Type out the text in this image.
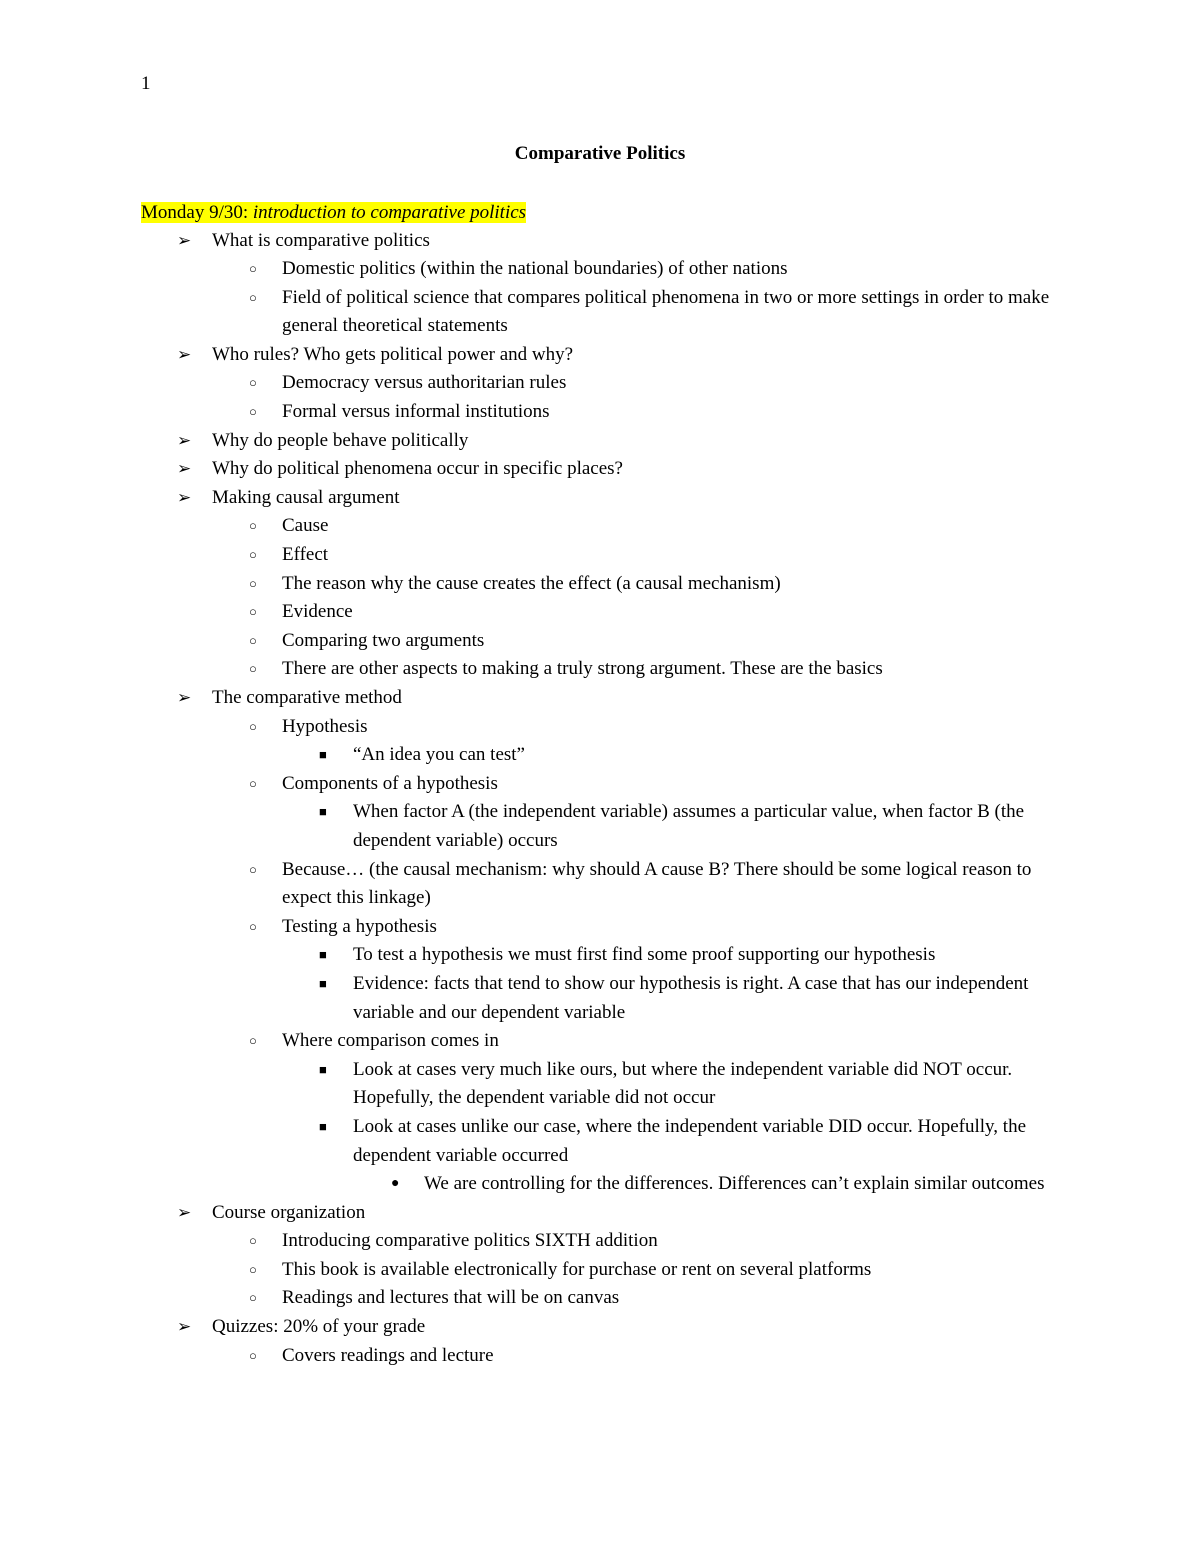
1
Comparative Politics
Monday 9/30: introduction to comparative politics
➢ What is comparative politics
○ Domestic politics (within the national boundaries) of other nations
○ Field of political science that compares political phenomena in two or more settings in order to make general theoretical statements
➢ Who rules? Who gets political power and why?
○ Democracy versus authoritarian rules
○ Formal versus informal institutions
➢ Why do people behave politically
➢ Why do political phenomena occur in specific places?
➢ Making causal argument
○ Cause
○ Effect
○ The reason why the cause creates the effect (a causal mechanism)
○ Evidence
○ Comparing two arguments
○ There are other aspects to making a truly strong argument. These are the basics
➢ The comparative method
○ Hypothesis
■ “An idea you can test”
○ Components of a hypothesis
■ When factor A (the independent variable) assumes a particular value, when factor B (the dependent variable) occurs
○ Because… (the causal mechanism: why should A cause B? There should be some logical reason to expect this linkage)
○ Testing a hypothesis
■ To test a hypothesis we must first find some proof supporting our hypothesis
■ Evidence: facts that tend to show our hypothesis is right. A case that has our independent variable and our dependent variable
○ Where comparison comes in
■ Look at cases very much like ours, but where the independent variable did NOT occur. Hopefully, the dependent variable did not occur
■ Look at cases unlike our case, where the independent variable DID occur. Hopefully, the dependent variable occurred
● We are controlling for the differences. Differences can’t explain similar outcomes
➢ Course organization
○ Introducing comparative politics SIXTH addition
○ This book is available electronically for purchase or rent on several platforms
○ Readings and lectures that will be on canvas
➢ Quizzes: 20% of your grade
○ Covers readings and lecture
